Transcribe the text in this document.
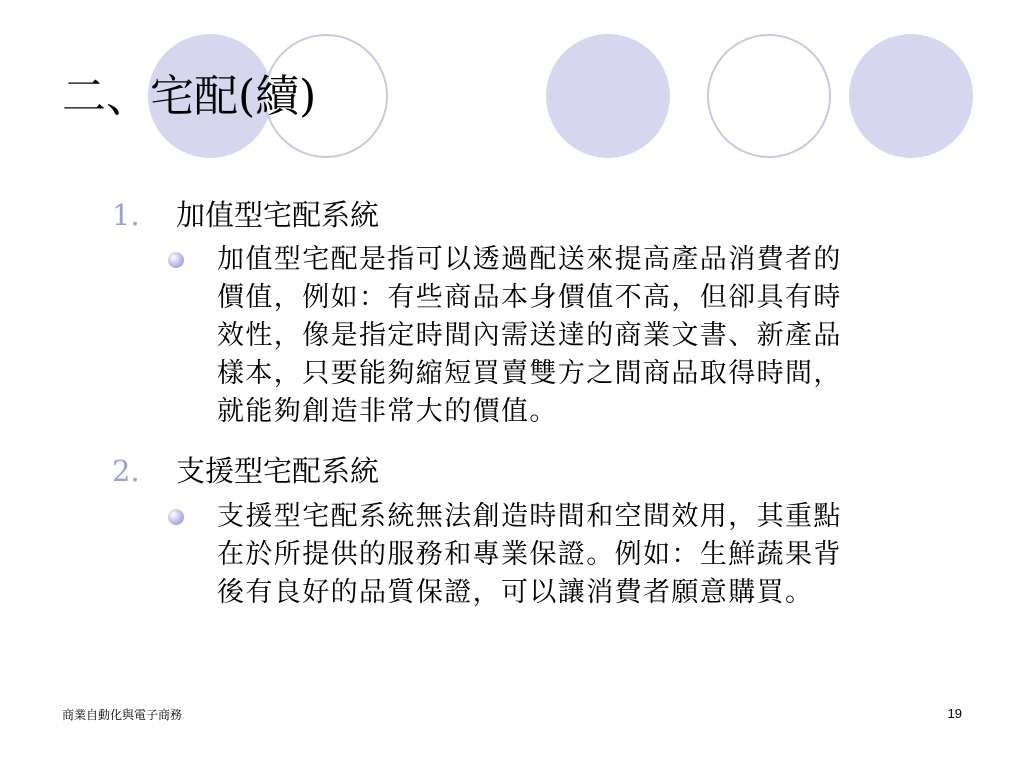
二、宅配(續)
1. 加值型宅配系統
加值型宅配是指可以透過配送來提高產品消費者的
價值，例如：有些商品本身價值不高，但卻具有時
效性，像是指定時間內需送達的商業文書、新產品
樣本，只要能夠縮短買賣雙方之間商品取得時間，
就能夠創造非常大的價值。
2. 支援型宅配系統
支援型宅配系統無法創造時間和空間效用，其重點
在於所提供的服務和專業保證。例如：生鮮蔬果背
後有良好的品質保證，可以讓消費者願意購買。
商業自動化與電子商務	19
